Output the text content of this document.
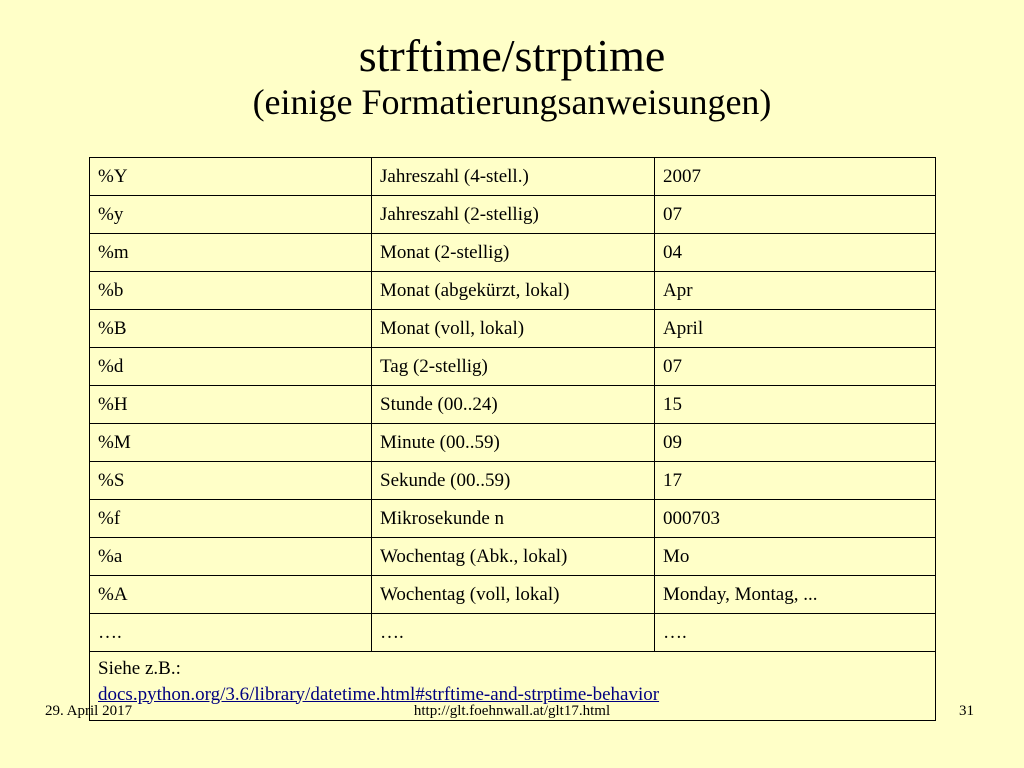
strftime/strptime
(einige Formatierungsanweisungen)
%Y	Jahreszahl (4-stell.)	2007
%y	Jahreszahl (2-stellig)	07
%m	Monat (2-stellig)	04
%b	Monat (abgekürzt, lokal)	Apr
%B	Monat (voll, lokal)	April
%d	Tag (2-stellig)	07
%H	Stunde (00..24)	15
%M	Minute (00..59)	09
%S	Sekunde (00..59)	17
%f	Mikrosekunde n	000703
%a	Wochentag (Abk., lokal)	Mo
%A	Wochentag (voll, lokal)	Monday, Montag, ...
….	….	….
Siehe z.B.:
docs.python.org/3.6/library/datetime.html#strftime-and-strptime-behavior		
http://glt.foehnwall.at/glt17.html
29. April 2017	31
